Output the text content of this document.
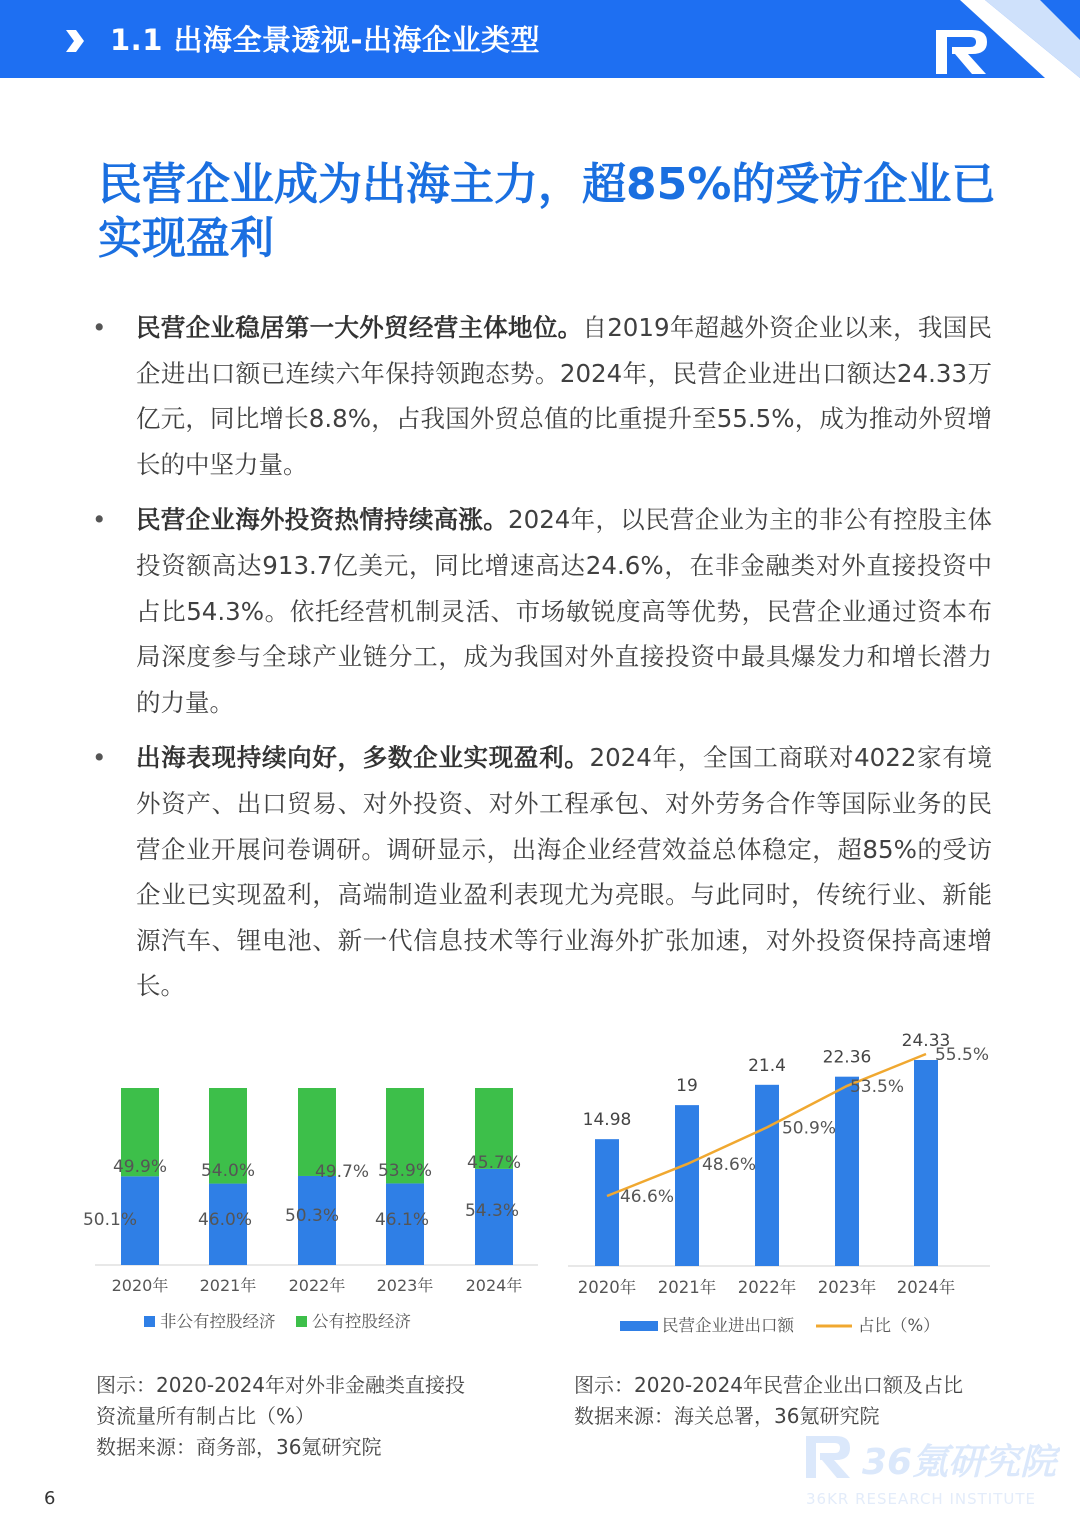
1.1 出海全景透视-出海企业类型
民营企业成为出海主力，超85%的受访企业已实现盈利
• 民营企业稳居第一大外贸经营主体地位。自2019年超越外资企业以来，我国民企进出口额已连续六年保持领跑态势。2024年，民营企业进出口额达24.33万亿元，同比增长8.8%，占我国外贸总值的比重提升至55.5%，成为推动外贸增长的中坚力量。
• 民营企业海外投资热情持续高涨。2024年，以民营企业为主的非公有控股主体投资额高达913.7亿美元，同比增速高达24.6%，在非金融类对外直接投资中占比54.3%。依托经营机制灵活、市场敏锐度高等优势，民营企业通过资本布局深度参与全球产业链分工，成为我国对外直接投资中最具爆发力和增长潜力的力量。
• 出海表现持续向好，多数企业实现盈利。2024年，全国工商联对4022家有境外资产、出口贸易、对外投资、对外工程承包、对外劳务合作等国际业务的民营企业开展问卷调研。调研显示，出海企业经营效益总体稳定，超85%的受访企业已实现盈利，高端制造业盈利表现尤为亮眼。与此同时，传统行业、新能源汽车、锂电池、新一代信息技术等行业海外扩张加速，对外投资保持高速增长。
2020年 2021年 2022年 2023年 2024年
50.1%
49.9%
46.0%
54.0%
50.3%
49.7%
46.1%
53.9%
54.3%
45.7%
非公有控股经济 公有控股经济
14.98
2020年
19
2021年
21.4
2022年
22.36
2023年
24.33
2024年
46.6%
48.6%
50.9%
53.5%
55.5%
民营企业进出口额	占比（%）
图示：2020-2024年对外非金融类直接投
资流量所有制占比（%）
数据来源：商务部，36氪研究院
图示：2020-2024年民营企业出口额及占比
数据来源：海关总署，36氪研究院
36氪研究院
36KR RESEARCH INSTITUTE
6
